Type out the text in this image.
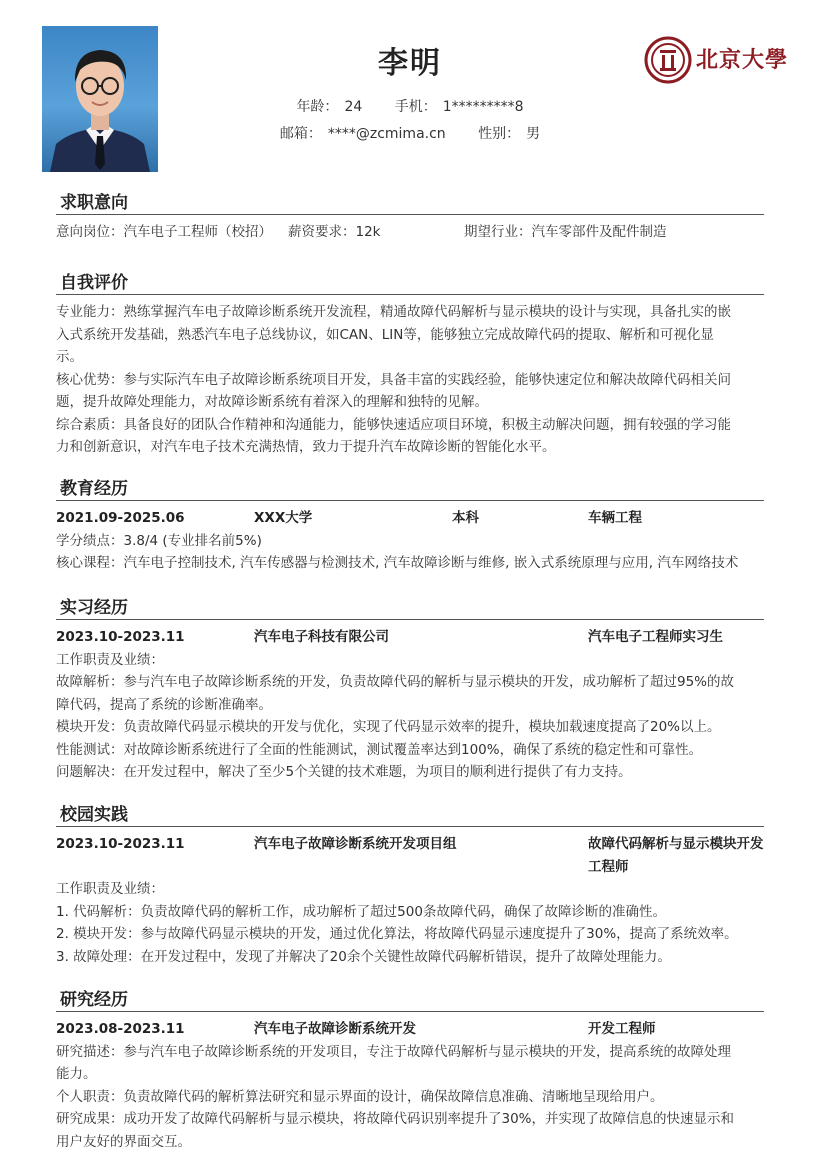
李明
年龄： 24 手机： 1*********8
邮箱： ****@zcmima.cn 性别： 男
北京大學
求职意向
意向岗位：汽车电子工程师（校招） 薪资要求：12k	期望行业：汽车零部件及配件制造
自我评价
专业能力：熟练掌握汽车电子故障诊断系统开发流程，精通故障代码解析与显示模块的设计与实现，具备扎实的嵌
入式系统开发基础，熟悉汽车电子总线协议，如CAN、LIN等，能够独立完成故障代码的提取、解析和可视化显
示。
核心优势：参与实际汽车电子故障诊断系统项目开发，具备丰富的实践经验，能够快速定位和解决故障代码相关问
题，提升故障处理能力，对故障诊断系统有着深入的理解和独特的见解。
综合素质：具备良好的团队合作精神和沟通能力，能够快速适应项目环境，积极主动解决问题，拥有较强的学习能
力和创新意识，对汽车电子技术充满热情，致力于提升汽车故障诊断的智能化水平。
教育经历
2021.09-2025.06	XXX大学	本科	车辆工程
学分绩点：3.8/4 (专业排名前5%)
核心课程：汽车电子控制技术, 汽车传感器与检测技术, 汽车故障诊断与维修, 嵌入式系统原理与应用, 汽车网络技术
实习经历
2023.10-2023.11	汽车电子科技有限公司	汽车电子工程师实习生
工作职责及业绩：
故障解析：参与汽车电子故障诊断系统的开发，负责故障代码的解析与显示模块的开发，成功解析了超过95%的故
障代码，提高了系统的诊断准确率。
模块开发：负责故障代码显示模块的开发与优化，实现了代码显示效率的提升，模块加载速度提高了20%以上。
性能测试：对故障诊断系统进行了全面的性能测试，测试覆盖率达到100%，确保了系统的稳定性和可靠性。
问题解决：在开发过程中，解决了至少5个关键的技术难题，为项目的顺利进行提供了有力支持。
校园实践
2023.10-2023.11	汽车电子故障诊断系统开发项目组	故障代码解析与显示模块开发工程师
工作职责及业绩：
1. 代码解析：负责故障代码的解析工作，成功解析了超过500条故障代码，确保了故障诊断的准确性。
2. 模块开发：参与故障代码显示模块的开发，通过优化算法，将故障代码显示速度提升了30%，提高了系统效率。
3. 故障处理：在开发过程中，发现了并解决了20余个关键性故障代码解析错误，提升了故障处理能力。
研究经历
2023.08-2023.11	汽车电子故障诊断系统开发	开发工程师
研究描述：参与汽车电子故障诊断系统的开发项目，专注于故障代码解析与显示模块的开发，提高系统的故障处理
能力。
个人职责：负责故障代码的解析算法研究和显示界面的设计，确保故障信息准确、清晰地呈现给用户。
研究成果：成功开发了故障代码解析与显示模块，将故障代码识别率提升了30%，并实现了故障信息的快速显示和
用户友好的界面交互。
